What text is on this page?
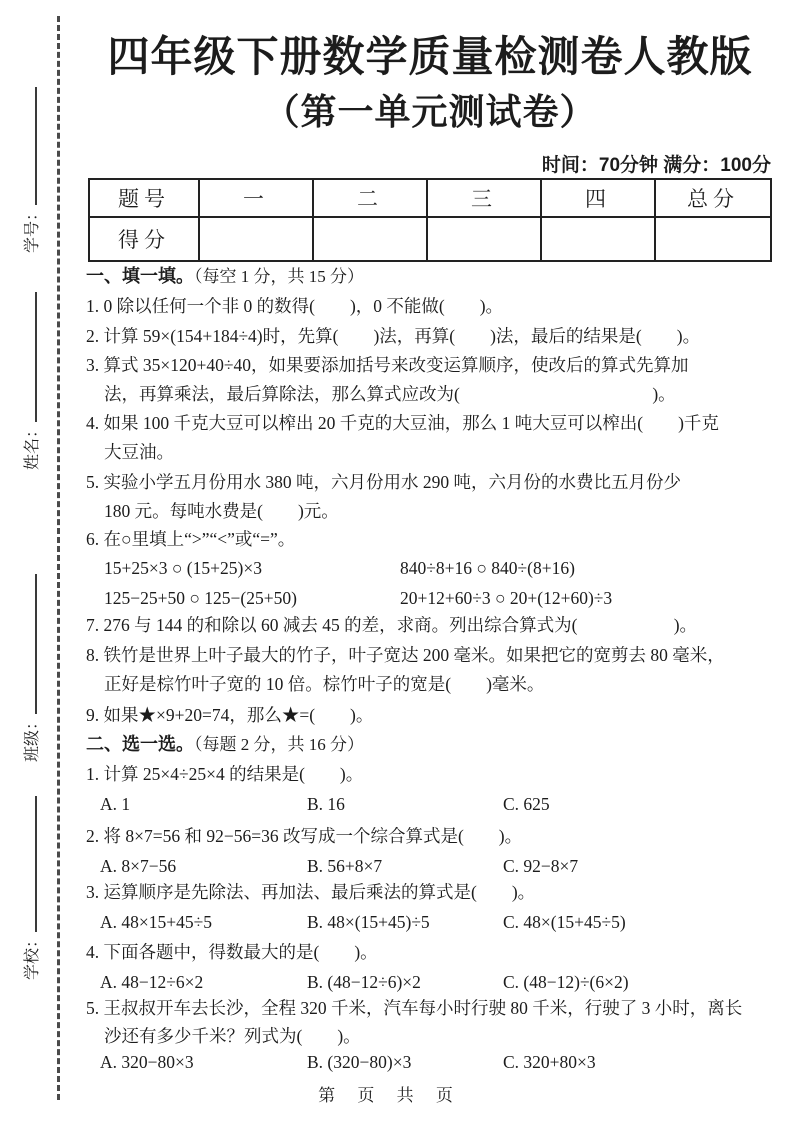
学号：
姓名：
班级：
学校：
四年级下册数学质量检测卷人教版
（第一单元测试卷）
时间：70分钟 满分：100分
题号	一	二	三	四	总分
得分					
一、填一填。（每空 1 分，共 15 分）
1. 0 除以任何一个非 0 的数得(        )，0 不能做(        )。
2. 计算 59×(154+184÷4)时，先算(        )法，再算(        )法，最后的结果是(        )。
3. 算式 35×120+40÷40，如果要添加括号来改变运算顺序，使改后的算式先算加
法，再算乘法，最后算除法，那么算式应改为(                                            )。
4. 如果 100 千克大豆可以榨出 20 千克的大豆油，那么 1 吨大豆可以榨出(        )千克
大豆油。
5. 实验小学五月份用水 380 吨，六月份用水 290 吨，六月份的水费比五月份少
180 元。每吨水费是(        )元。
6. 在○里填上“>”“<”或“=”。

15+25×3 ○ (15+25)×3

	840÷8+16 ○ 840÷(8+16)

125−25+50 ○ 125−(25+50)

	20+12+60÷3 ○ 20+(12+60)÷3

7. 276 与 144 的和除以 60 减去 45 的差，求商。列出综合算式为(                      )。
8. 铁竹是世界上叶子最大的竹子，叶子宽达 200 毫米。如果把它的宽剪去 80 毫米，
正好是棕竹叶子宽的 10 倍。棕竹叶子的宽是(        )毫米。
9. 如果★×9+20=74，那么★=(        )。
二、选一选。（每题 2 分，共 16 分）
1. 计算 25×4÷25×4 的结果是(        )。

A. 1

	B. 16

	C. 625

2. 将 8×7=56 和 92−56=36 改写成一个综合算式是(        )。

A. 8×7−56

	B. 56+8×7

	C. 92−8×7

3. 运算顺序是先除法、再加法、最后乘法的算式是(        )。

A. 48×15+45÷5

	B. 48×(15+45)÷5

	C. 48×(15+45÷5)

4. 下面各题中，得数最大的是(        )。

A. 48−12÷6×2

	B. (48−12÷6)×2

	C. (48−12)÷(6×2)

5. 王叔叔开车去长沙，全程 320 千米，汽车每小时行驶 80 千米，行驶了 3 小时，离长
沙还有多少千米？列式为(        )。

A. 320−80×3

	B. (320−80)×3

	C. 320+80×3

第 页 共 页
